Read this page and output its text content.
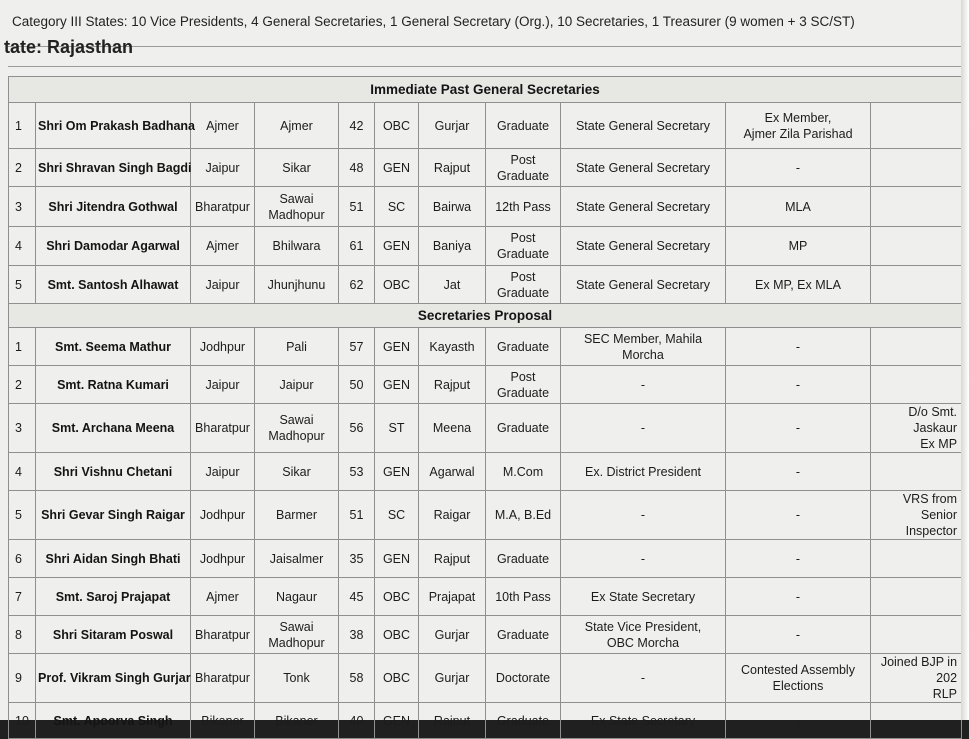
Category III States: 10 Vice Presidents, 4 General Secretaries, 1 General Secretary (Org.), 10 Secretaries, 1 Treasurer (9 women + 3 SC/ST)
tate: Rajasthan
Immediate Past General Secretaries										
1	Shri Om Prakash Badhana	Ajmer	Ajmer	42	OBC	Gurjar	Graduate	State General Secretary	Ex Member,
Ajmer Zila Parishad	
2	Shri Shravan Singh Bagdi	Jaipur	Sikar	48	GEN	Rajput	Post
Graduate	State General Secretary	-	
3	Shri Jitendra Gothwal	Bharatpur	Sawai
Madhopur	51	SC	Bairwa	12th Pass	State General Secretary	MLA	
4	Shri Damodar Agarwal	Ajmer	Bhilwara	61	GEN	Baniya	Post
Graduate	State General Secretary	MP	
5	Smt. Santosh Alhawat	Jaipur	Jhunjhunu	62	OBC	Jat	Post
Graduate	State General Secretary	Ex MP, Ex MLA	
Secretaries Proposal										
1	Smt. Seema Mathur	Jodhpur	Pali	57	GEN	Kayasth	Graduate	SEC Member, Mahila Morcha	-	
2	Smt. Ratna Kumari	Jaipur	Jaipur	50	GEN	Rajput	Post
Graduate	-	-	
3	Smt. Archana Meena	Bharatpur	Sawai
Madhopur	56	ST	Meena	Graduate	-	-	D/o Smt. Jaskaur
Ex MP
4	Shri Vishnu Chetani	Jaipur	Sikar	53	GEN	Agarwal	M.Com	Ex. District President	-	
5	Shri Gevar Singh Raigar	Jodhpur	Barmer	51	SC	Raigar	M.A, B.Ed	-	-	VRS from Senior
Inspector
6	Shri Aidan Singh Bhati	Jodhpur	Jaisalmer	35	GEN	Rajput	Graduate	-	-	
7	Smt. Saroj Prajapat	Ajmer	Nagaur	45	OBC	Prajapat	10th Pass	Ex State Secretary	-	
8	Shri Sitaram Poswal	Bharatpur	Sawai
Madhopur	38	OBC	Gurjar	Graduate	State Vice President,
OBC Morcha	-	
9	Prof. Vikram Singh Gurjar	Bharatpur	Tonk	58	OBC	Gurjar	Doctorate	-	Contested Assembly
Elections	Joined BJP in 202
RLP
10	Smt. Apoorva Singh	Bikaner	Bikaner	40	GEN	Rajput	Graduate	Ex State Secretary	-	
